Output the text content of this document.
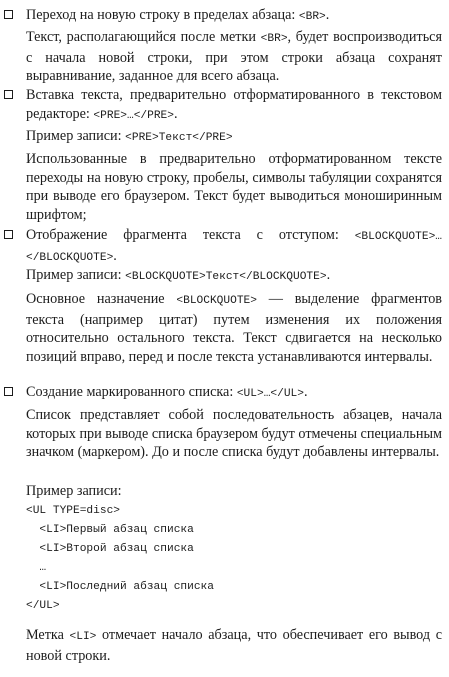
Переход на новую строку в пределах абзаца: <BR>.
Текст, располагающийся после метки <BR>, будет воспроизводиться с начала новой строки, при этом строки абзаца сохранят выравнивание, заданное для всего абзаца.
Вставка текста, предварительно отформатированного в текстовом редакторе: <PRE>…</PRE>.
Пример записи: <PRE>Текст</PRE>
Использованные в предварительно отформатированном тексте переходы на новую строку, пробелы, символы табуляции сохранятся при выводе его браузером. Текст будет выводиться моноширинным шрифтом;
Отображение фрагмента текста с отступом: <BLOCKQUOTE>… </BLOCKQUOTE>.
Пример записи: <BLOCKQUOTE>Текст</BLOCKQUOTE>.
Основное назначение <BLOCKQUOTE> — выделение фрагментов текста (например цитат) путем изменения их положения относительно остального текста. Текст сдвигается на несколько позиций вправо, перед и после текста устанавливаются интервалы.
Создание маркированного списка: <UL>…</UL>.
Список представляет собой последовательность абзацев, начала которых при выводе списка браузером будут отмечены специальным значком (маркером). До и после списка будут добавлены интервалы.
Пример записи:
<UL TYPE=disc>
<LI>Первый абзац списка
<LI>Второй абзац списка
…
<LI>Последний абзац списка
</UL>
Метка <LI> отмечает начало абзаца, что обеспечивает его вывод с новой строки.
